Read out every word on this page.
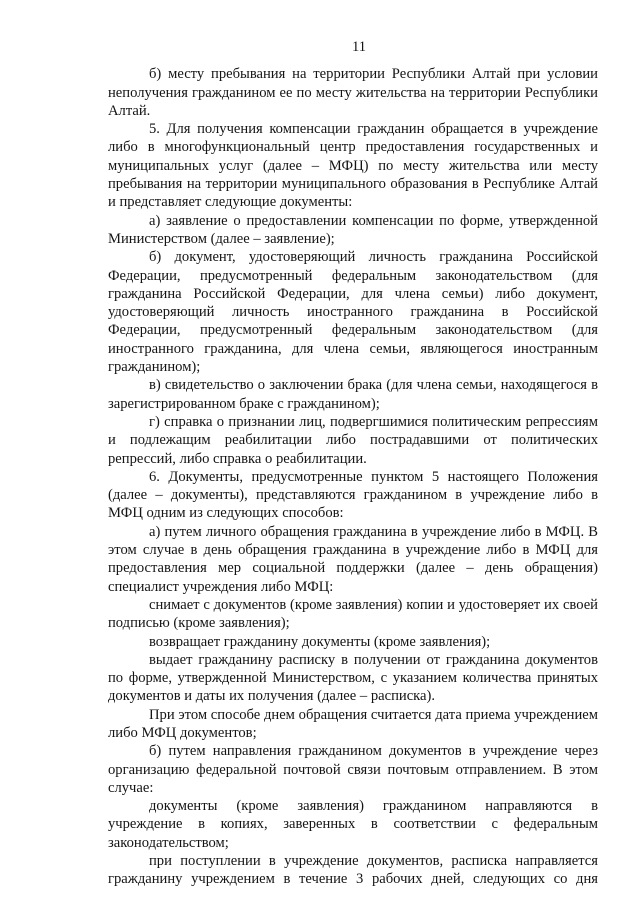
11

б) месту пребывания на территории Республики Алтай при условии неполучения гражданином ее по месту жительства на территории Республики Алтай.

5. Для получения компенсации гражданин обращается в учреждение либо в многофункциональный центр предоставления государственных и муниципальных услуг (далее – МФЦ) по месту жительства или месту пребывания на территории муниципального образования в Республике Алтай и представляет следующие документы:

а) заявление о предоставлении компенсации по форме, утвержденной Министерством (далее – заявление);

б) документ, удостоверяющий личность гражданина Российской Федерации, предусмотренный федеральным законодательством (для гражданина Российской Федерации, для члена семьи) либо документ, удостоверяющий личность иностранного гражданина в Российской Федерации, предусмотренный федеральным законодательством (для иностранного гражданина, для члена семьи, являющегося иностранным гражданином);

в) свидетельство о заключении брака (для члена семьи, находящегося в зарегистрированном браке с гражданином);

г) справка о признании лиц, подвергшимися политическим репрессиям и подлежащим реабилитации либо пострадавшими от политических репрессий, либо справка о реабилитации.

6. Документы, предусмотренные пунктом 5 настоящего Положения (далее – документы), представляются гражданином в учреждение либо в МФЦ одним из следующих способов:

а) путем личного обращения гражданина в учреждение либо в МФЦ. В этом случае в день обращения гражданина в учреждение либо в МФЦ для предоставления мер социальной поддержки (далее – день обращения) специалист учреждения либо МФЦ:

снимает с документов (кроме заявления) копии и удостоверяет их своей подписью (кроме заявления);

возвращает гражданину документы (кроме заявления);

выдает гражданину расписку в получении от гражданина документов по форме, утвержденной Министерством, с указанием количества принятых документов и даты их получения (далее – расписка).

При этом способе днем обращения считается дата приема учреждением либо МФЦ документов;

б) путем направления гражданином документов в учреждение через организацию федеральной почтовой связи почтовым отправлением. В этом случае:

документы (кроме заявления) гражданином направляются в учреждение в копиях, заверенных в соответствии с федеральным законодательством;

при поступлении в учреждение документов, расписка направляется гражданину учреждением в течение 3 рабочих дней, следующих со дня
